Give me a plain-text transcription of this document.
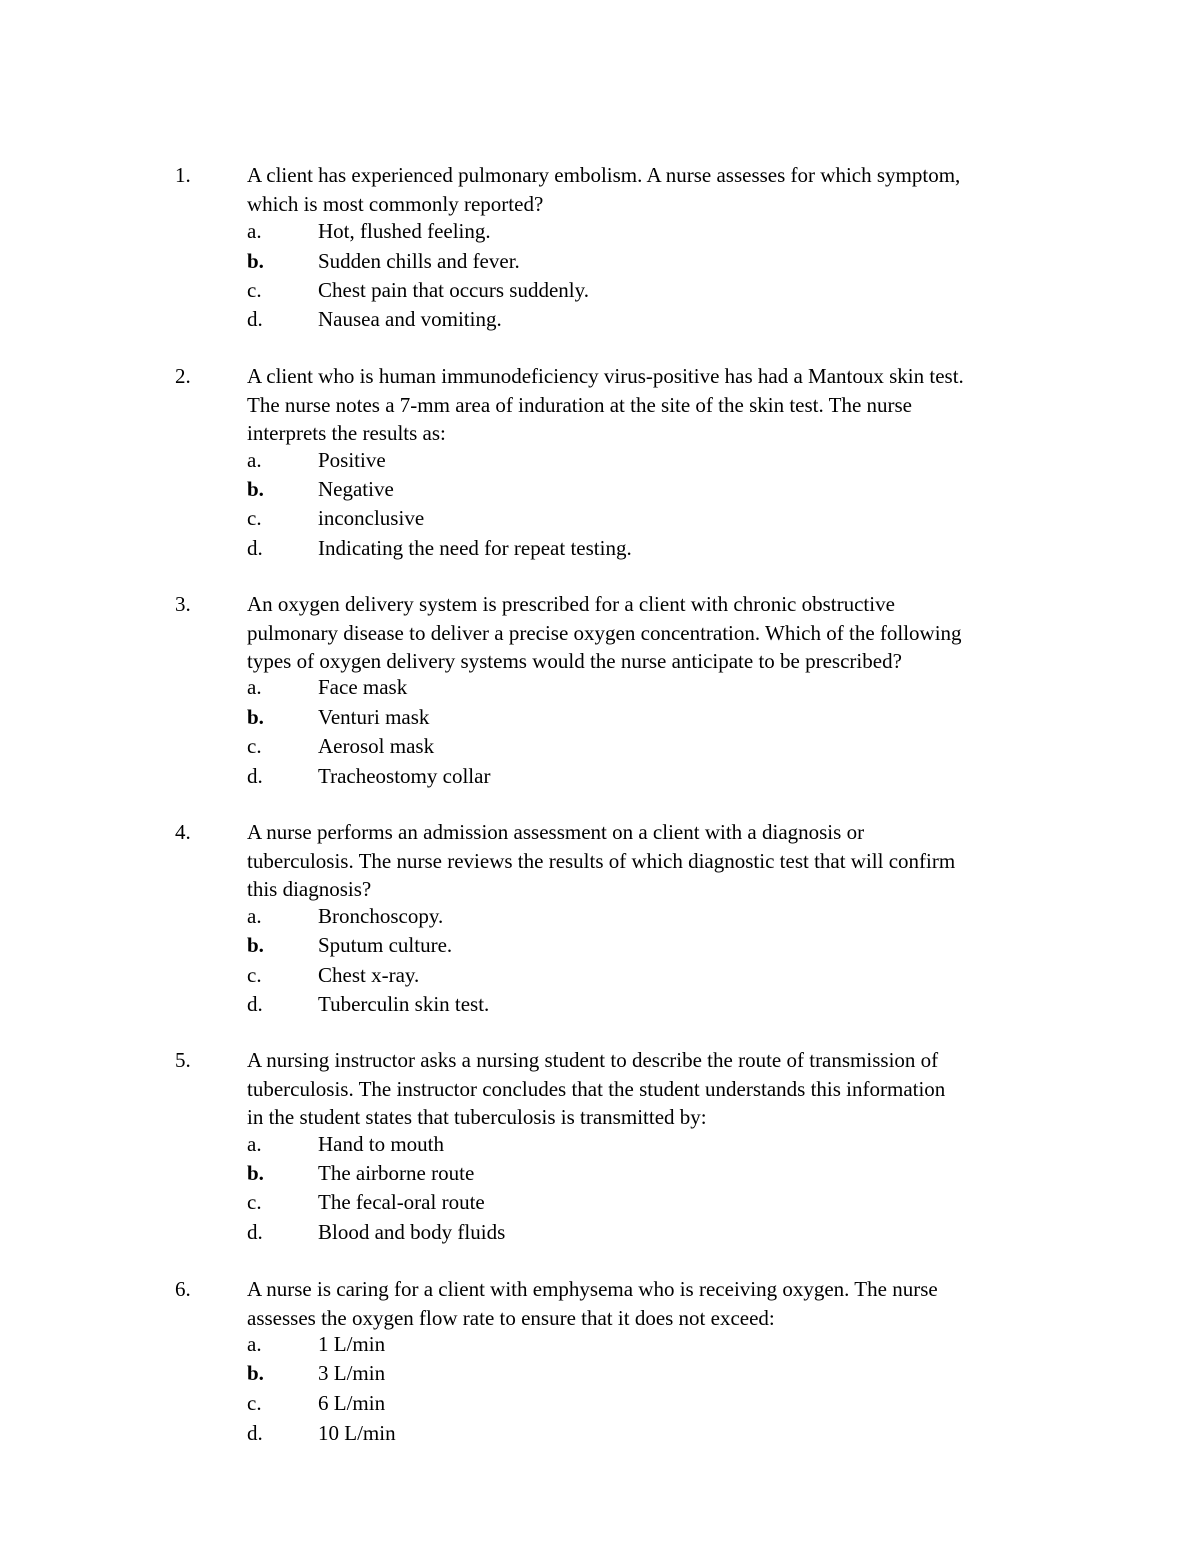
1.	A client has experienced pulmonary embolism. A nurse assesses for which symptom,
which is most commonly reported?
a.	Hot, flushed feeling.
b.	Sudden chills and fever.
c.	Chest pain that occurs suddenly.
d.	Nausea and vomiting.
2.	A client who is human immunodeficiency virus-positive has had a Mantoux skin test.
The nurse notes a 7-mm area of induration at the site of the skin test. The nurse
interprets the results as:
a.	Positive
b.	Negative
c.	inconclusive
d.	Indicating the need for repeat testing.
3.	An oxygen delivery system is prescribed for a client with chronic obstructive
pulmonary disease to deliver a precise oxygen concentration. Which of the following
types of oxygen delivery systems would the nurse anticipate to be prescribed?
a.	Face mask
b.	Venturi mask
c.	Aerosol mask
d.	Tracheostomy collar
4.	A nurse performs an admission assessment on a client with a diagnosis or
tuberculosis. The nurse reviews the results of which diagnostic test that will confirm
this diagnosis?
a.	Bronchoscopy.
b.	Sputum culture.
c.	Chest x-ray.
d.	Tuberculin skin test.
5.	A nursing instructor asks a nursing student to describe the route of transmission of
tuberculosis. The instructor concludes that the student understands this information
in the student states that tuberculosis is transmitted by:
a.	Hand to mouth
b.	The airborne route
c.	The fecal-oral route
d.	Blood and body fluids
6.	A nurse is caring for a client with emphysema who is receiving oxygen. The nurse
assesses the oxygen flow rate to ensure that it does not exceed:
a.	1 L/min
b.	3 L/min
c.	6 L/min
d.	10 L/min
